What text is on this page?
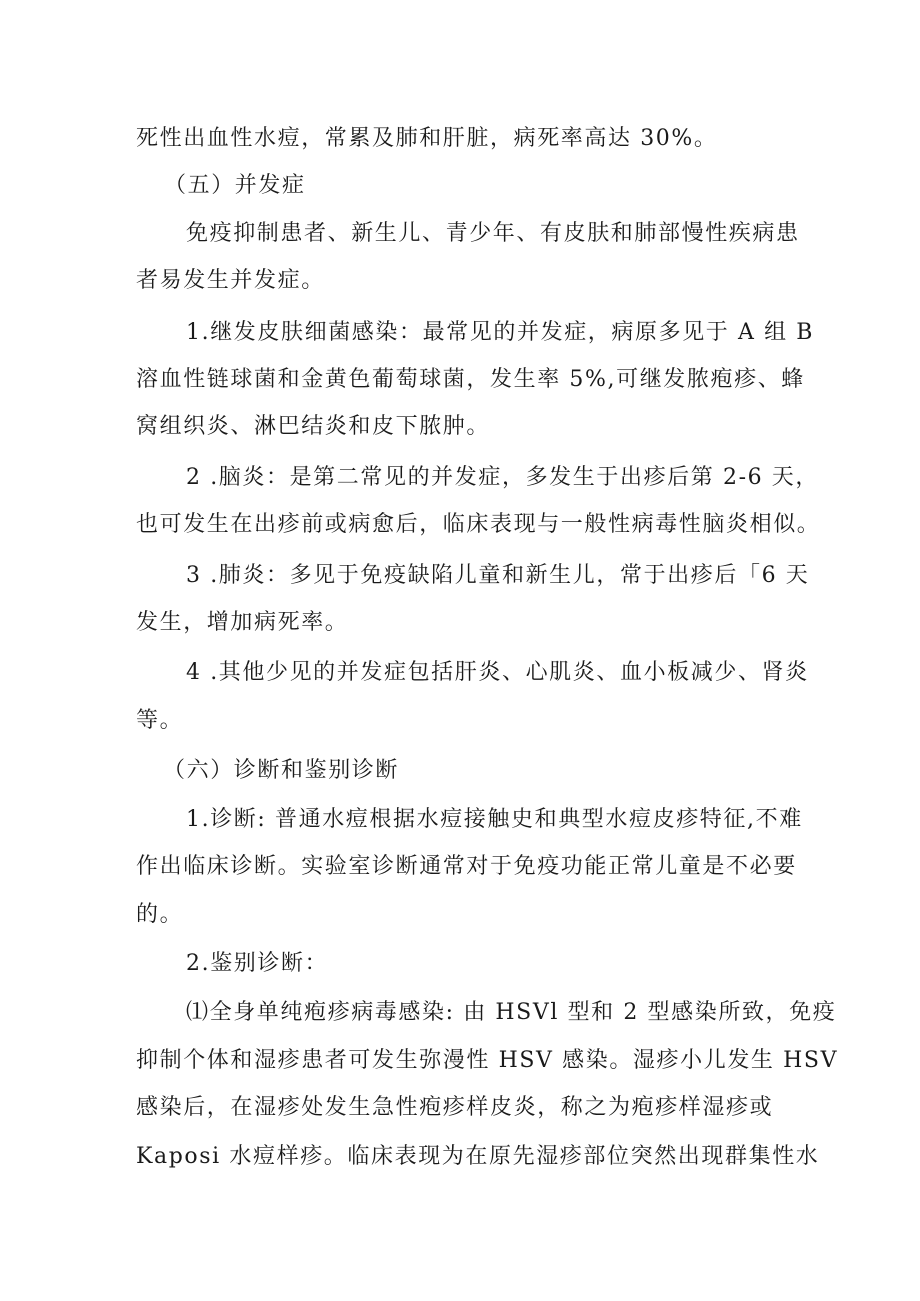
死性出血性水痘，常累及肺和肝脏，病死率高达 30%。
（五）并发症
免疫抑制患者、新生儿、青少年、有皮肤和肺部慢性疾病患
者易发生并发症。
1.继发皮肤细菌感染：最常见的并发症，病原多见于 A 组 B
溶血性链球菌和金黄色葡萄球菌，发生率 5%,可继发脓疱疹、蜂
窝组织炎、淋巴结炎和皮下脓肿。
2 .脑炎：是第二常见的并发症，多发生于出疹后第 2-6 天，
也可发生在出疹前或病愈后，临床表现与一般性病毒性脑炎相似。
3 .肺炎：多见于免疫缺陷儿童和新生儿，常于出疹后「6 天
发生，增加病死率。
4 .其他少见的并发症包括肝炎、心肌炎、血小板减少、肾炎
等。
（六）诊断和鉴别诊断
1.诊断: 普通水痘根据水痘接触史和典型水痘皮疹特征,不难
作出临床诊断。实验室诊断通常对于免疫功能正常儿童是不必要
的。
2.鉴别诊断：
⑴全身单纯疱疹病毒感染: 由 HSVl 型和 2 型感染所致，免疫
抑制个体和湿疹患者可发生弥漫性 HSV 感染。湿疹小儿发生 HSV
感染后，在湿疹处发生急性疱疹样皮炎，称之为疱疹样湿疹或
Kaposi 水痘样疹。临床表现为在原先湿疹部位突然出现群集性水
